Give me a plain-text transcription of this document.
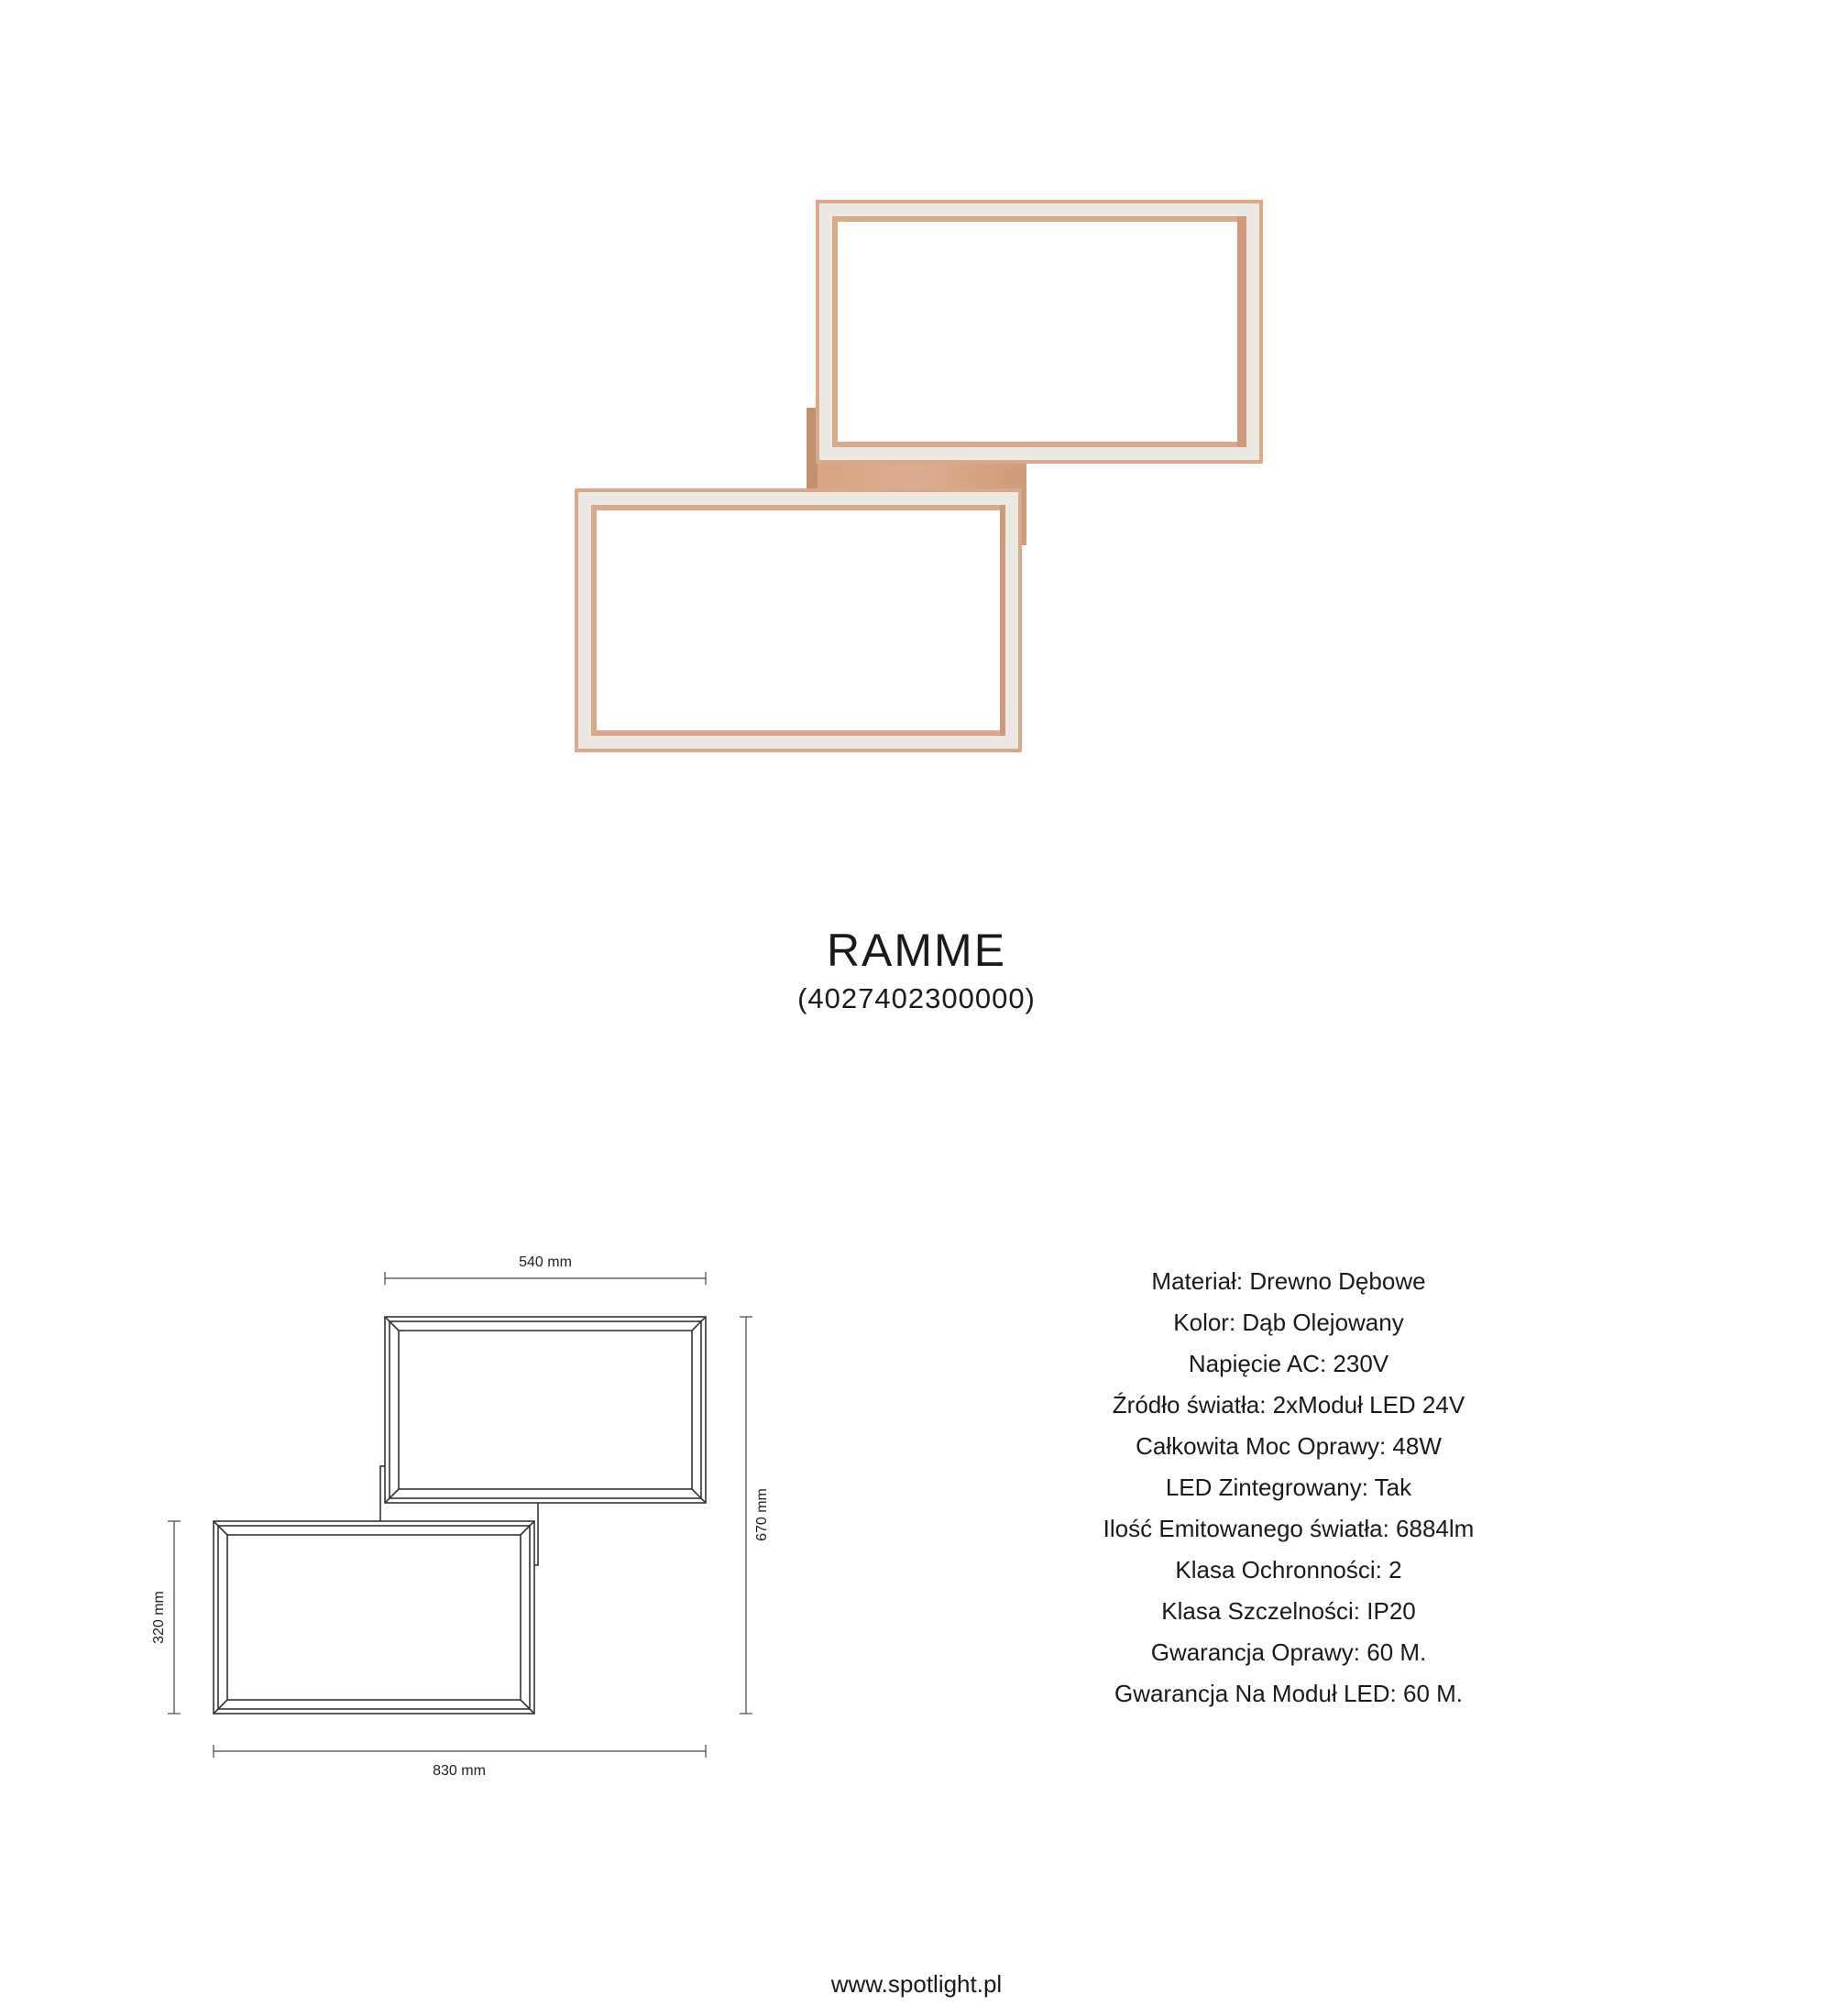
RAMME
(4027402300000)
540 mm
830 mm
670 mm
320 mm
Materiał: Drewno Dębowe
Kolor: Dąb Olejowany
Napięcie AC: 230V
Źródło światła: 2xModuł LED 24V
Całkowita Moc Oprawy: 48W
LED Zintegrowany: Tak
Ilość Emitowanego światła: 6884lm
Klasa Ochronności: 2
Klasa Szczelności: IP20
Gwarancja Oprawy: 60 M.
Gwarancja Na Moduł LED: 60 M.
www.spotlight.pl
